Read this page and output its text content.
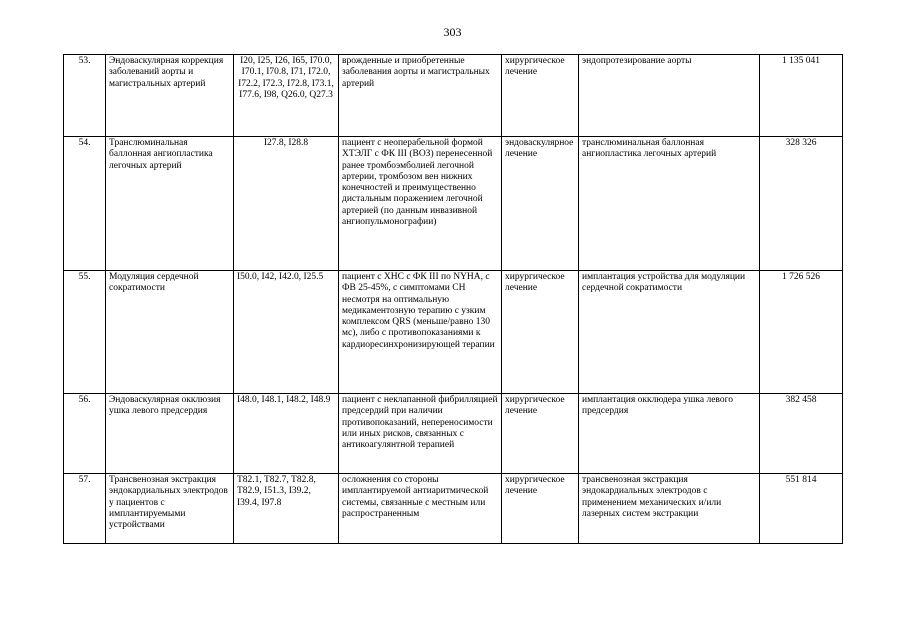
303
53.	Эндоваскулярная коррекция заболеваний аорты и магистральных артерий	I20, I25, I26, I65, I70.0, I70.1, I70.8, I71, I72.0, I72.2, I72.3, I72.8, I73.1, I77.6, I98, Q26.0, Q27.3	врожденные и приобретенные заболевания аорты и магистральных артерий	хирургическое лечение	эндопротезирование аорты	1 135 041
54.	Транслюминальная баллонная ангиопластика легочных артерий	I27.8, I28.8	пациент с неоперабельной формой ХТЭЛГ с ФК III (ВОЗ) перенесенной ранее тромбоэмболией легочной артерии, тромбозом вен нижних конечностей и преимущественно дистальным поражением легочной артерией (по данным инвазивной ангиопульмонографии)	эндоваскулярное лечение	транслюминальная баллонная ангиопластика легочных артерий	328 326
55.	Модуляция сердечной сократимости	I50.0, I42, I42.0, I25.5	пациент с ХНС с ФК III по NYHA, с ФВ 25-45%, с симптомами СН несмотря на оптимальную медикаментозную терапию с узким комплексом QRS (меньше/равно 130 мс), либо с противопоказаниями к кардиоресинхронизирующей терапии	хирургическое лечение	имплантация устройства для модуляции сердечной сократимости	1 726 526
56.	Эндоваскулярная окклюзия ушка левого предсердия	I48.0, I48.1, I48.2, I48.9	пациент с неклапанной фибрилляцией предсердий при наличии противопоказаний, непереносимости или иных рисков, связанных с антикоагулянтной терапией	хирургическое лечение	имплантация окклюдера ушка левого предсердия	382 458
57.	Трансвенозная экстракция эндокардиальных электродов у пациентов с имплантируемыми устройствами	T82.1, T82.7, T82.8, T82.9, I51.3, I39.2, I39.4, I97.8	осложнения со стороны имплантируемой антиаритмической системы, связанные с местным или распространенным	хирургическое лечение	трансвенозная экстракция эндокардиальных электродов с применением механических и/или лазерных систем экстракции	551 814
